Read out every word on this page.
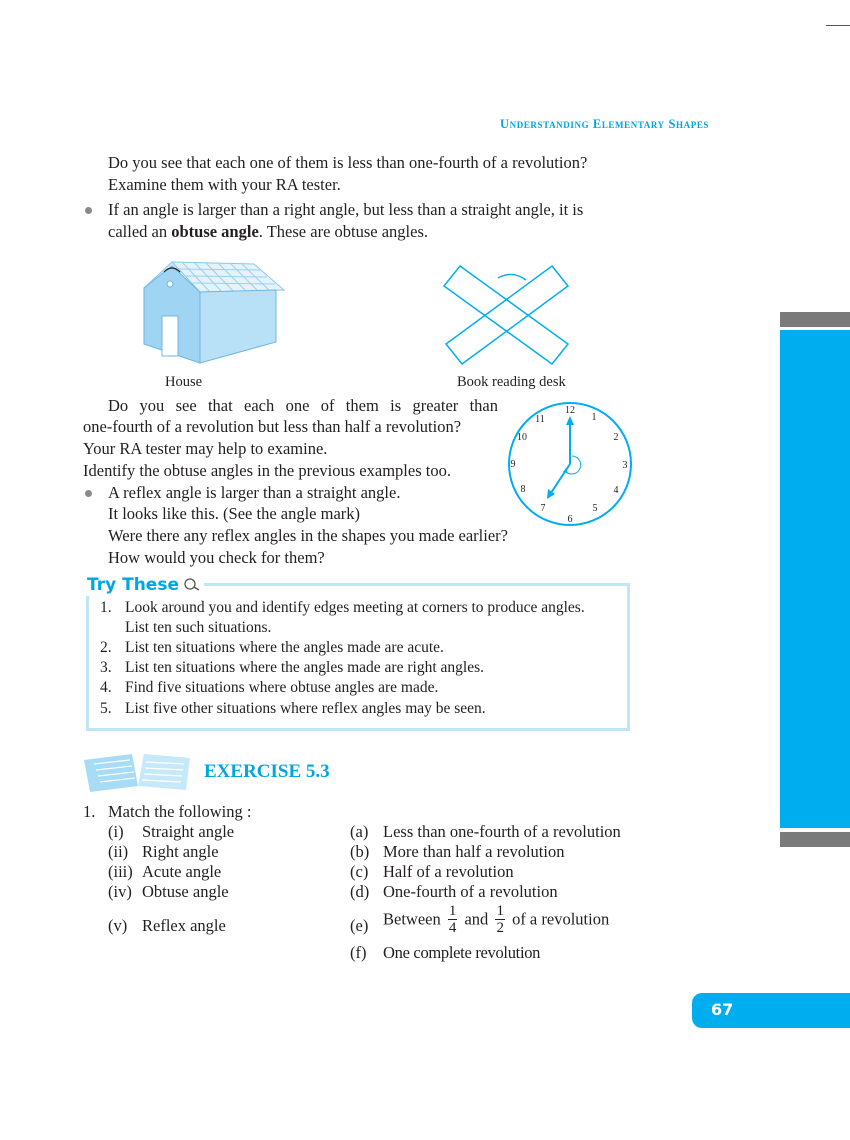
Understanding Elementary Shapes
Do you see that each one of them is less than one-fourth of a revolution?
Examine them with your RA tester.
If an angle is larger than a right angle, but less than a straight angle, it is
called an obtuse angle. These are obtuse angles.
House	Book reading desk
Do you see that each one of them is greater than
one-fourth of a revolution but less than half a revolution?
Your RA tester may help to examine.
Identify the obtuse angles in the previous examples too.
12
1
2
3
4
5
6
7
8
9
10
11
A reflex angle is larger than a straight angle.
It looks like this. (See the angle mark)
Were there any reflex angles in the shapes you made earlier?
How would you check for them?
Try These
1. Look around you and identify edges meeting at corners to produce angles.
List ten such situations.
2. List ten situations where the angles made are acute.
3. List ten situations where the angles made are right angles.
4. Find five situations where obtuse angles are made.
5. List five other situations where reflex angles may be seen.
EXERCISE 5.3
1. Match the following :
(i) Straight angle
(ii) Right angle
(iii) Acute angle
(iv) Obtuse angle
(v) Reflex angle
(a) Less than one-fourth of a revolution
(b) More than half a revolution
(c) Half of a revolution
(d) One-fourth of a revolution
(e) Between $\frac{1}{4}$ and $\frac{1}{2}$ of a revolution
(f) One complete revolution
67
